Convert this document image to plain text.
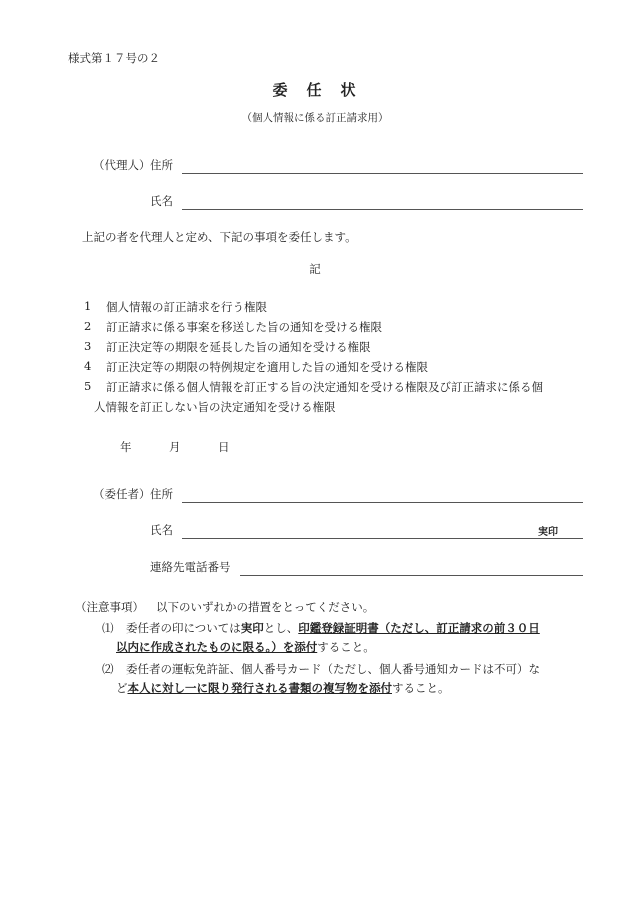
様式第１７号の２
委　任　状
（個人情報に係る訂正請求用）
（代理人） 住所
氏名
上記の者を代理人と定め、下記の事項を委任します。
記
1 個人情報の訂正請求を行う権限
2 訂正請求に係る事案を移送した旨の通知を受ける権限
3 訂正決定等の期限を延長した旨の通知を受ける権限
4 訂正決定等の期限の特例規定を適用した旨の通知を受ける権限
5 訂正請求に係る個人情報を訂正する旨の決定通知を受ける権限及び訂正請求に係る個
人情報を訂正しない旨の決定通知を受ける権限
年	月	日
（委任者） 住所
氏名	実印
連絡先電話番号
（注意事項） 以下のいずれかの措置をとってください。
⑴ 委任者の印については実印とし、印鑑登録証明書（ただし、訂正請求の前３０日
以内に作成されたものに限る。）を添付すること。
⑵ 委任者の運転免許証、個人番号カード（ただし、個人番号通知カードは不可）な
ど本人に対し一に限り発行される書類の複写物を添付すること。
